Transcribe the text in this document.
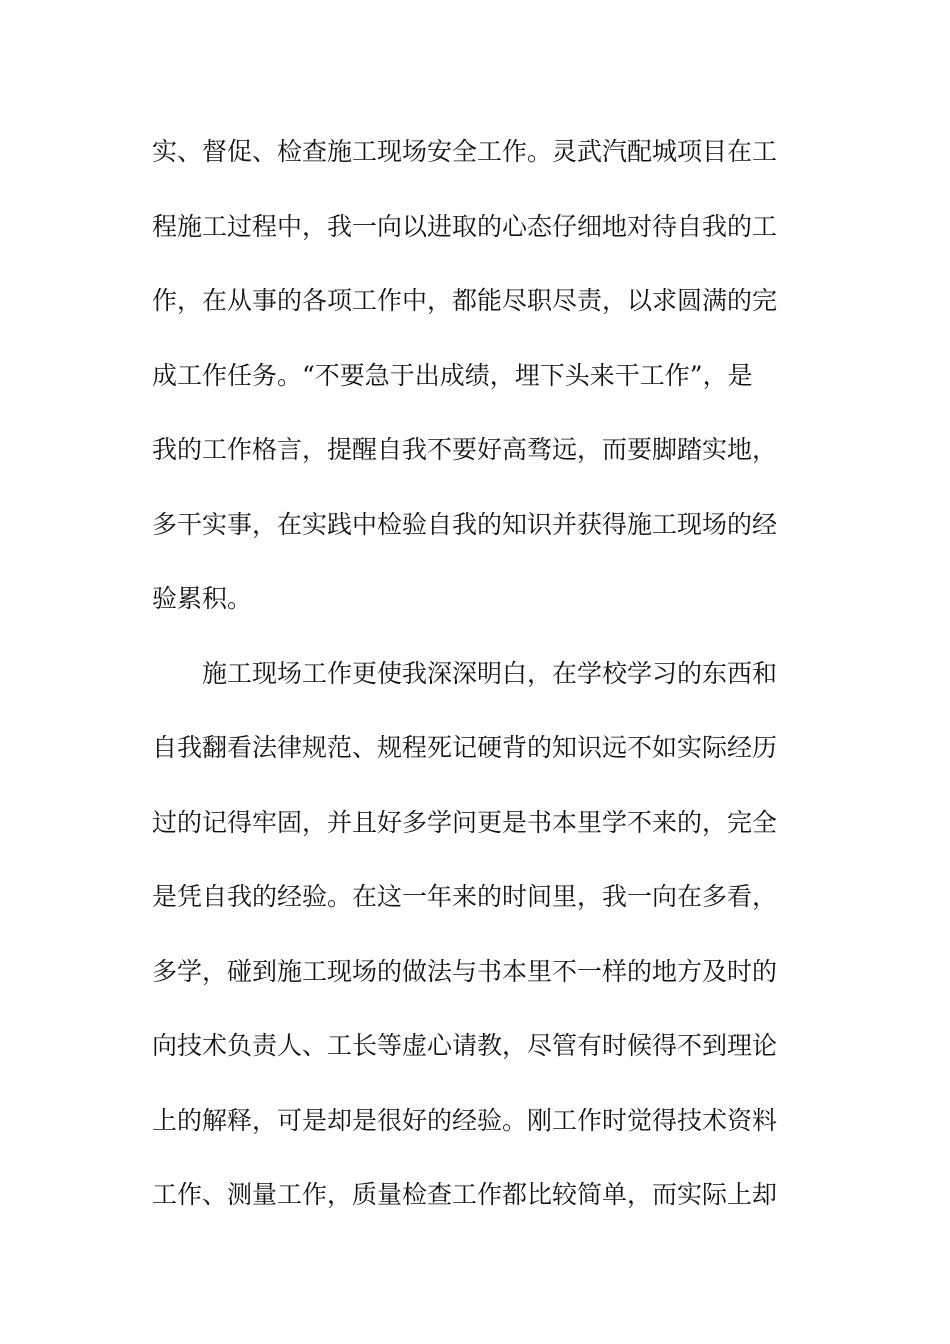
实、督促、检查施工现场安全工作。灵武汽配城项目在工
程施工过程中，我一向以进取的心态仔细地对待自我的工
作，在从事的各项工作中，都能尽职尽责，以求圆满的完
成工作任务。“不要急于出成绩，埋下头来干工作”，是
我的工作格言，提醒自我不要好高骛远，而要脚踏实地，
多干实事，在实践中检验自我的知识并获得施工现场的经
验累积。
施工现场工作更使我深深明白，在学校学习的东西和
自我翻看法律规范、规程死记硬背的知识远不如实际经历
过的记得牢固，并且好多学问更是书本里学不来的，完全
是凭自我的经验。在这一年来的时间里，我一向在多看，
多学，碰到施工现场的做法与书本里不一样的地方及时的
向技术负责人、工长等虚心请教，尽管有时候得不到理论
上的解释，可是却是很好的经验。刚工作时觉得技术资料
工作、测量工作，质量检查工作都比较简单，而实际上却
